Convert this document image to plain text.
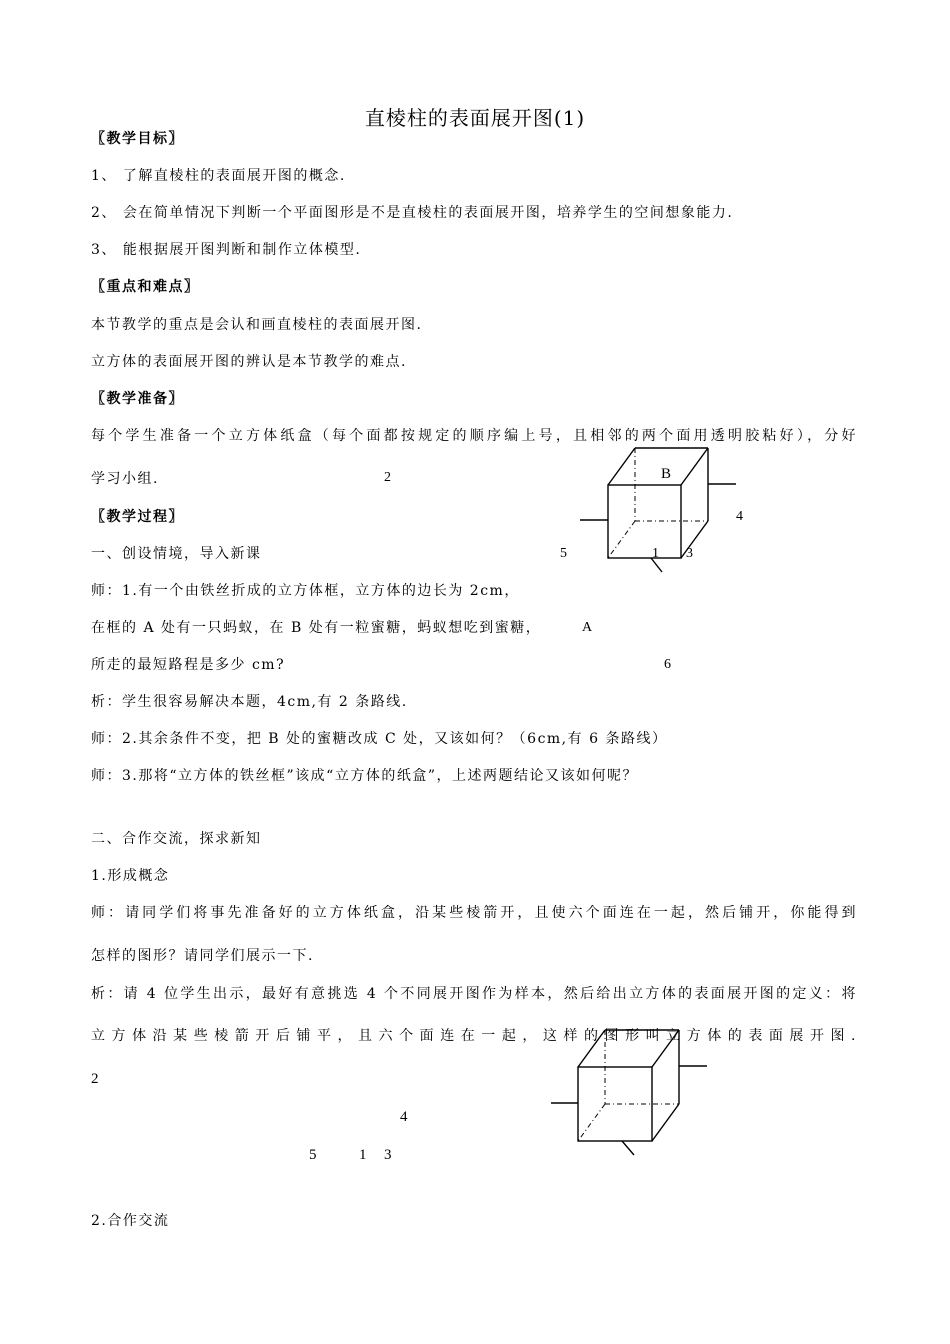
直棱柱的表面展开图(1)
〖教学目标〗
1、 了解直棱柱的表面展开图的概念.
2、 会在简单情况下判断一个平面图形是不是直棱柱的表面展开图，培养学生的空间想象能力.
3、 能根据展开图判断和制作立体模型.
〖重点和难点〗
本节教学的重点是会认和画直棱柱的表面展开图.
立方体的表面展开图的辨认是本节教学的难点.
〖教学准备〗
每个学生准备一个立方体纸盒（每个面都按规定的顺序编上号，且相邻的两个面用透明胶粘好），分好
学习小组.
〖教学过程〗
一、创设情境，导入新课
师：1.有一个由铁丝折成的立方体框，立方体的边长为 2cm，
在框的 A 处有一只蚂蚁，在 B 处有一粒蜜糖，蚂蚁想吃到蜜糖，
所走的最短路程是多少 cm?
析：学生很容易解决本题，4cm,有 2 条路线.
师：2.其余条件不变，把 B 处的蜜糖改成 C 处，又该如何？（6cm,有 6 条路线）
师：3.那将“立方体的铁丝框”该成“立方体的纸盒”，上述两题结论又该如何呢？
二、合作交流，探求新知
1.形成概念
师：请同学们将事先准备好的立方体纸盒，沿某些棱箭开，且使六个面连在一起，然后铺开，你能得到
怎样的图形？请同学们展示一下.
析：请 4 位学生出示，最好有意挑选 4 个不同展开图作为样本，然后给出立方体的表面展开图的定义：将
立方体沿某些棱箭开后铺平，且六个面连在一起，这样的图形叫立方体的表面展开图.
2.合作交流
2	B
4
5	1 3
A
6
2
4
5	1 3
